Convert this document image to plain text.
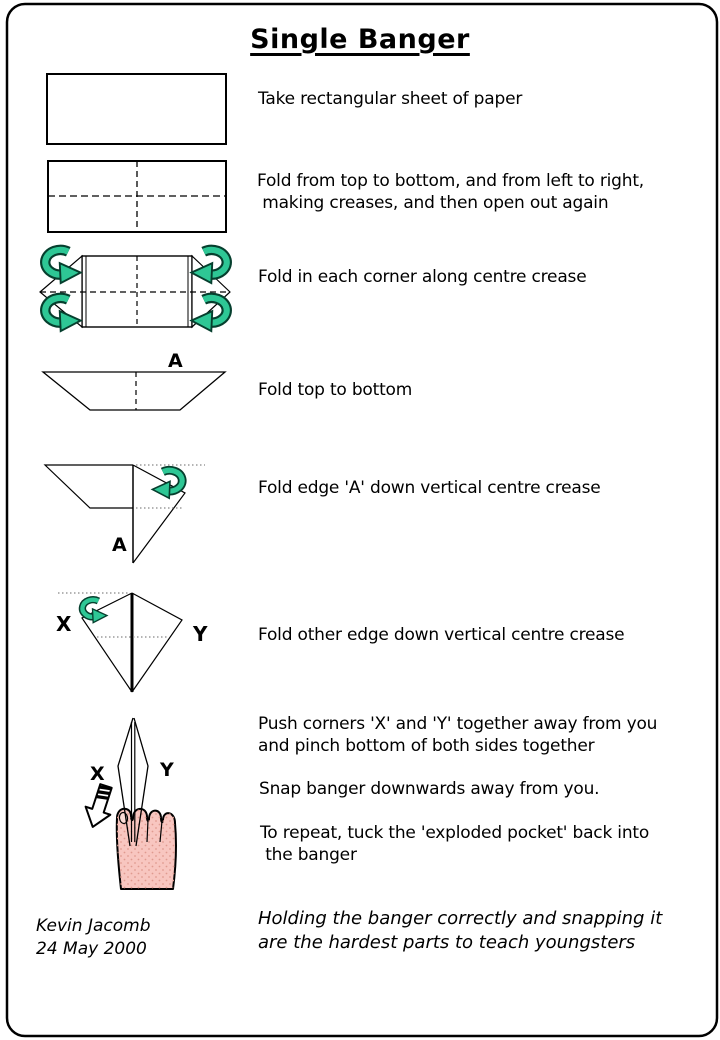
A
A
X	Y
X	Y
Single Banger
Take rectangular sheet of paper
Fold from top to bottom, and from left to right,
making creases, and then open out again
Fold in each corner along centre crease
Fold top to bottom
Fold edge 'A' down vertical centre crease
Fold other edge down vertical centre crease
Push corners 'X' and 'Y' together away from you
and pinch bottom of both sides together
Snap banger downwards away from you.
To repeat, tuck the 'exploded pocket' back into
the banger
Kevin Jacomb
24 May 2000
Holding the banger correctly and snapping it
are the hardest parts to teach youngsters
